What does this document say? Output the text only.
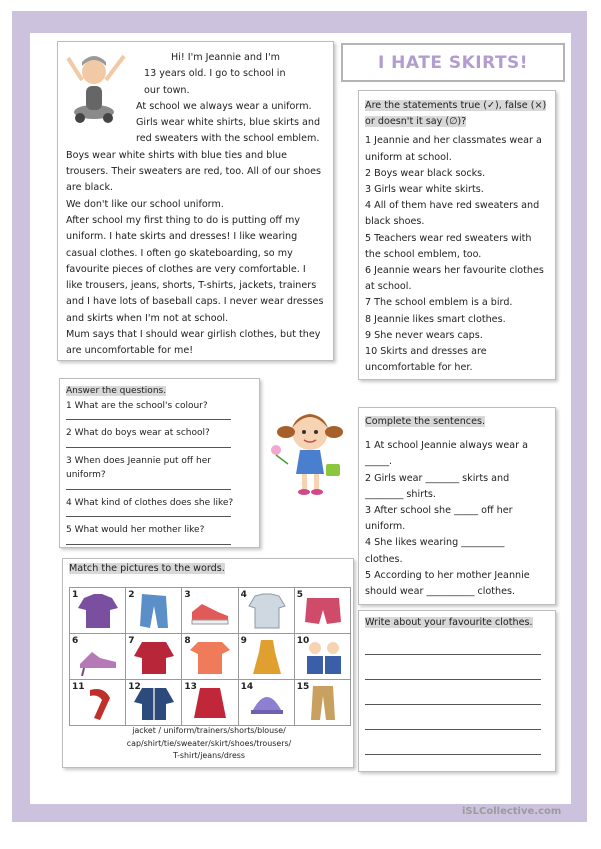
Hi! I'm Jeannie and I'm

13 years old. I go to school in

our town.

At school we always wear a uniform.

Girls wear white shirts, blue skirts and

red sweaters with the school emblem.

Boys wear white shirts with blue ties and blue

trousers. Their sweaters are red, too. All of our shoes

are black.

We don't like our school uniform.

After school my first thing to do is putting off my

uniform. I hate skirts and dresses! I like wearing

casual clothes. I often go skateboarding, so my

favourite pieces of clothes are very comfortable. I

like trousers, jeans, shorts, T-shirts, jackets, trainers

and I have lots of baseball caps. I never wear dresses

and skirts when I'm not at school.

Mum says that I should wear girlish clothes, but they

are uncomfortable for me!

I HATE SKIRTS!
Are the statements true (✓), false (×)
or doesn't it say (∅)?
1 Jeannie and her classmates wear a
uniform at school.
2 Boys wear black socks.
3 Girls wear white skirts.
4 All of them have red sweaters and
black shoes.
5 Teachers wear red sweaters with
the school emblem, too.
6 Jeannie wears her favourite clothes
at school.
7 The school emblem is a bird.
8 Jeannie likes smart clothes.
9 She never wears caps.
10 Skirts and dresses are
uncomfortable for her.
Answer the questions.
1 What are the school's colour?
2 What do boys wear at school?
3 When does Jeannie put off her uniform?
4 What kind of clothes does she like?
5 What would her mother like?
Complete the sentences.
1 At school Jeannie always wear a
_____.
2 Girls wear _______ skirts and
________ shirts.
3 After school she _____ off her
uniform.
4 She likes wearing _________
clothes.
5 According to her mother Jeannie
should wear __________ clothes.
Write about your favourite clothes.
Match the pictures to the words.
1	2	3	4	5

6	7	8	9	10

11	12	13	14	15
jacket / uniform/trainers/shorts/blouse/
cap/shirt/tie/sweater/skirt/shoes/trousers/
T-shirt/jeans/dress
iSLCollective.com
